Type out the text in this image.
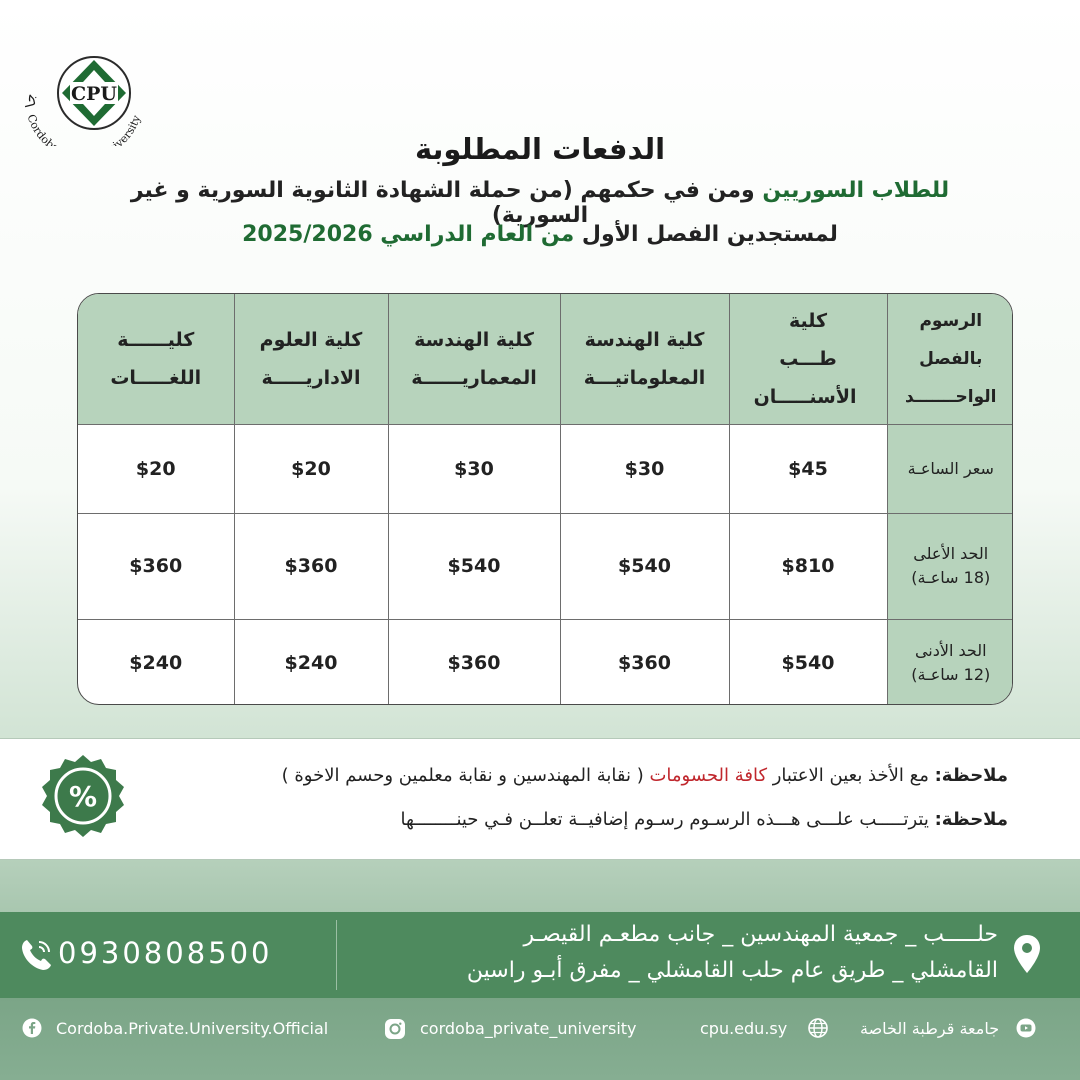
جا
Cordob iversity
CPU
الدفعات المطلوبة
للطلاب السوريين ومن في حكمهم (من حملة الشهادة الثانوية السورية و غير السورية)
لمستجدين الفصل الأول من العام الدراسي 2025/2026
الرسوم بالفصل الواحـــــــد	كلية طـــب الأسنـــــان	كلية الهندسة المعلوماتيـــة	كلية الهندسة المعماريــــــة	كلية العلوم الاداريـــــة	كليــــــة اللغـــــات
سعر الساعـة	$45	$30	$30	$20	$20
الحد الأعلى (18 ساعـة)	$810	$540	$540	$360	$360
الحد الأدنى (12 ساعـة)	$540	$360	$360	$240	$240
ملاحظة: مع الأخذ بعين الاعتبار كافة الحسومات ( نقابة المهندسين و نقابة معلمين وحسم الاخوة )
ملاحظة: يترتـــــب علـــى هـــذه الرسـوم رسـوم إضافيــة تعلــن فـي حينــــــــها
%
0930808500
حلـــــب _ جمعية المهندسين _ جانب مطعـم القيصـر
القامشلي _ طريق عام حلب القامشلي _ مفرق أبـو راسين
Cordoba.Private.University.Official	cordoba_private_university	cpu.edu.sy	جامعة قرطبة الخاصة
